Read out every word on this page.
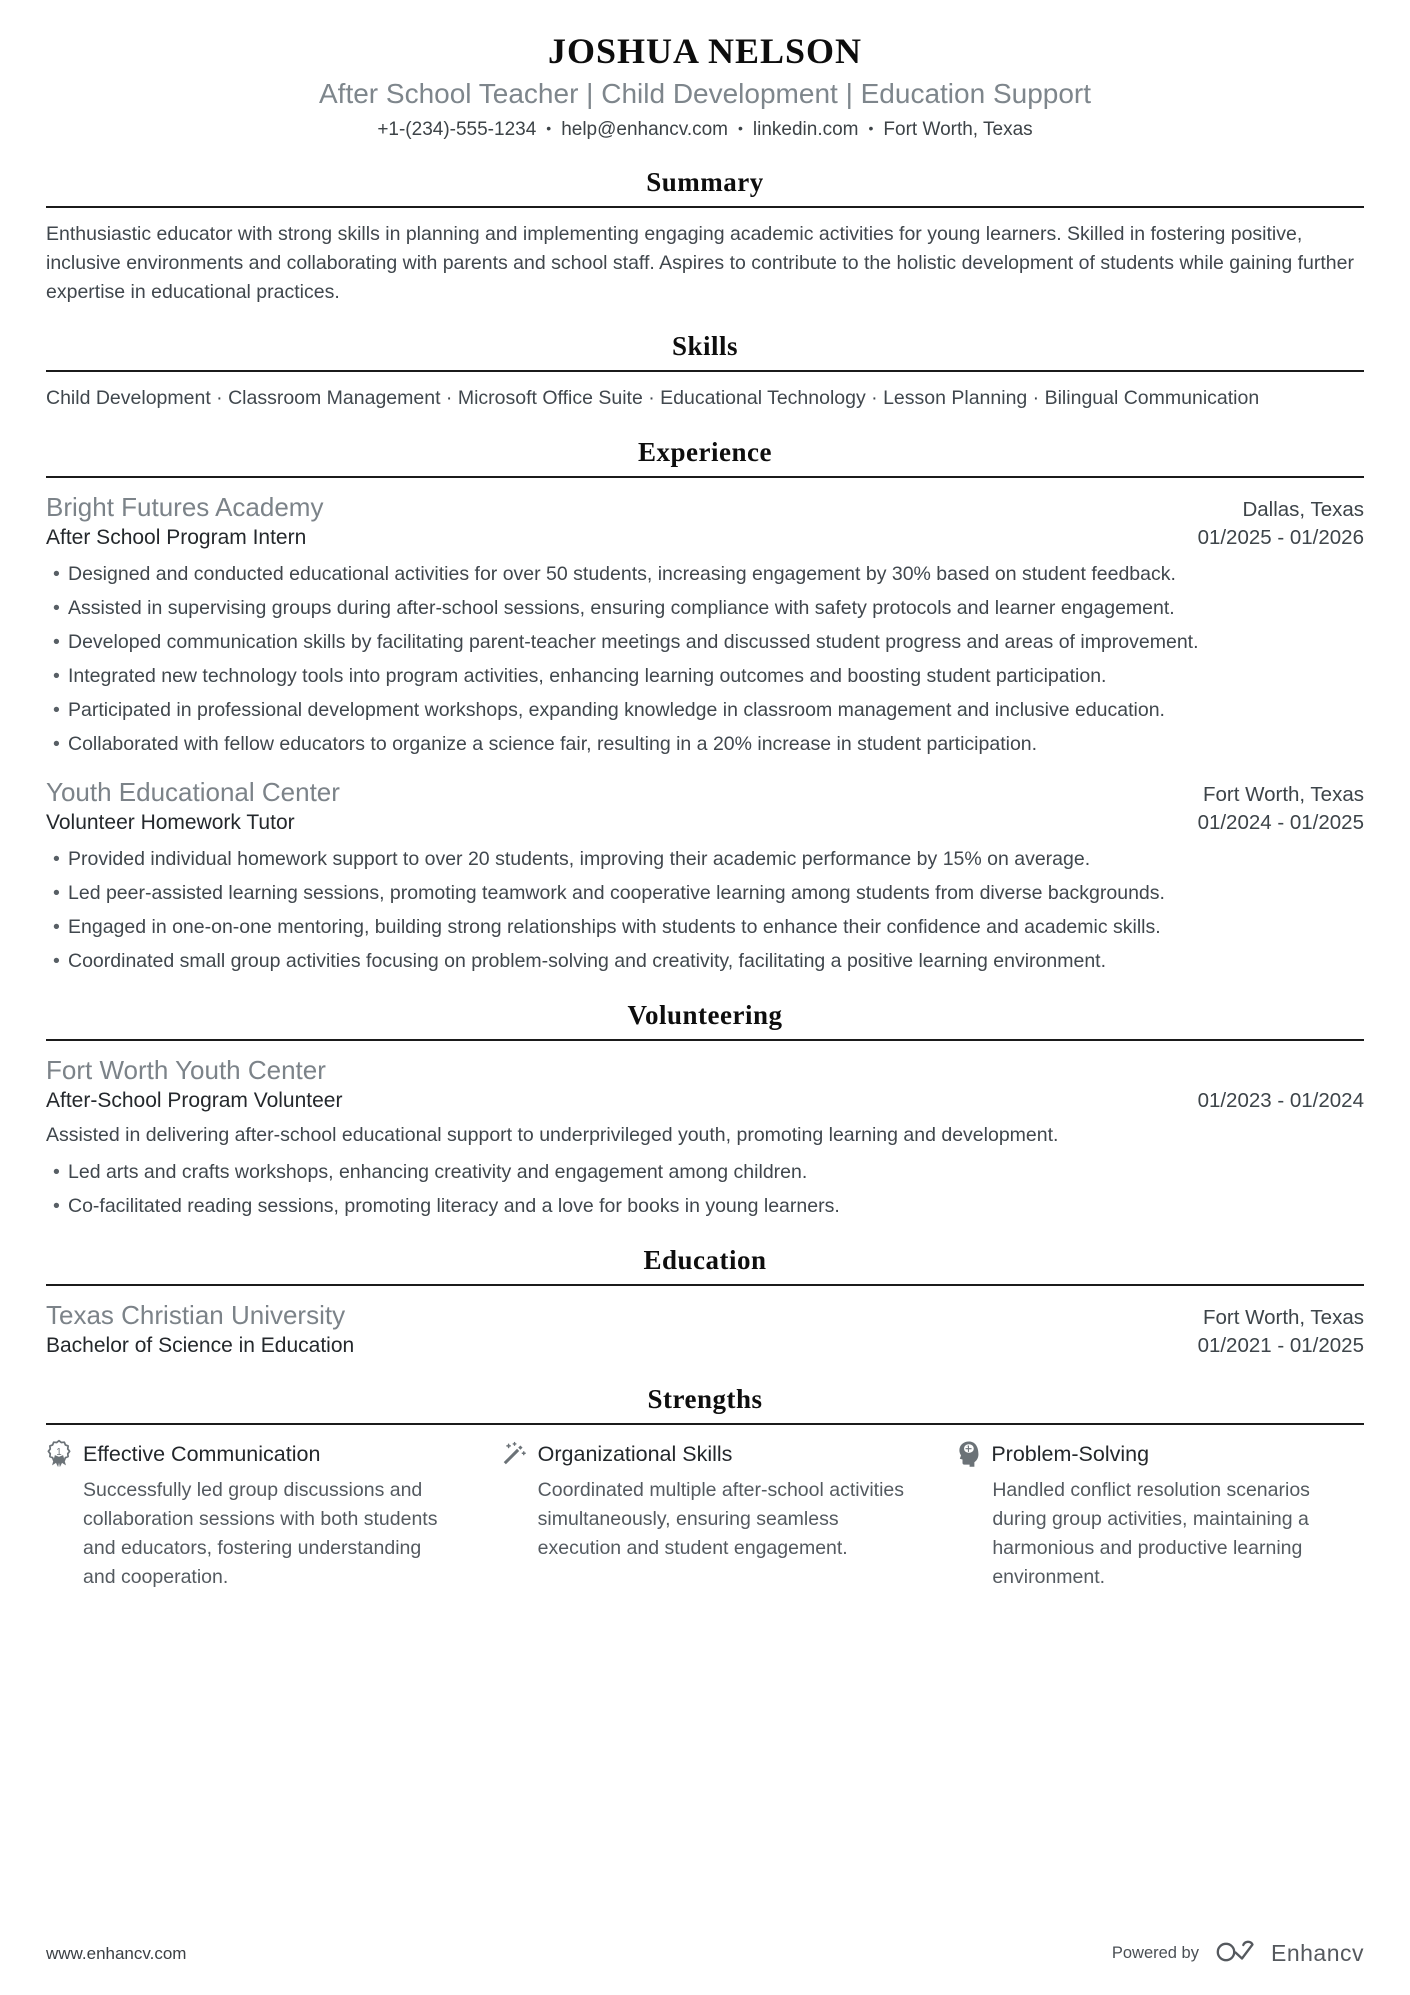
JOSHUA NELSON
After School Teacher | Child Development | Education Support
+1-(234)-555-1234 • help@enhancv.com • linkedin.com • Fort Worth, Texas
Summary

Enthusiastic educator with strong skills in planning and implementing engaging academic activities for young learners. Skilled in fostering positive, inclusive environments and collaborating with parents and school staff. Aspires to contribute to the holistic development of students while gaining further expertise in educational practices.

Skills

Child Development · Classroom Management · Microsoft Office Suite · Educational Technology · Lesson Planning · Bilingual Communication

Experience
Bright Futures Academy	Dallas, Texas
After School Program Intern	01/2025 - 01/2026
• Designed and conducted educational activities for over 50 students, increasing engagement by 30% based on student feedback.
• Assisted in supervising groups during after-school sessions, ensuring compliance with safety protocols and learner engagement.
• Developed communication skills by facilitating parent-teacher meetings and discussed student progress and areas of improvement.
• Integrated new technology tools into program activities, enhancing learning outcomes and boosting student participation.
• Participated in professional development workshops, expanding knowledge in classroom management and inclusive education.
• Collaborated with fellow educators to organize a science fair, resulting in a 20% increase in student participation.
Youth Educational Center	Fort Worth, Texas
Volunteer Homework Tutor	01/2024 - 01/2025
• Provided individual homework support to over 20 students, improving their academic performance by 15% on average.
• Led peer-assisted learning sessions, promoting teamwork and cooperative learning among students from diverse backgrounds.
• Engaged in one-on-one mentoring, building strong relationships with students to enhance their confidence and academic skills.
• Coordinated small group activities focusing on problem-solving and creativity, facilitating a positive learning environment.
Volunteering
Fort Worth Youth Center
After-School Program Volunteer	01/2023 - 01/2024

Assisted in delivering after-school educational support to underprivileged youth, promoting learning and development.

• Led arts and crafts workshops, enhancing creativity and engagement among children.
• Co-facilitated reading sessions, promoting literacy and a love for books in young learners.
Education
Texas Christian University	Fort Worth, Texas
Bachelor of Science in Education	01/2021 - 01/2025
Strengths
1 Effective Communication

Successfully led group discussions and collaboration sessions with both students and educators, fostering understanding and cooperation.

Organizational Skills

Coordinated multiple after-school activities simultaneously, ensuring seamless execution and student engagement.

Problem-Solving

Handled conflict resolution scenarios during group activities, maintaining a harmonious and productive learning environment.

www.enhancv.com	Powered by	Enhancv
